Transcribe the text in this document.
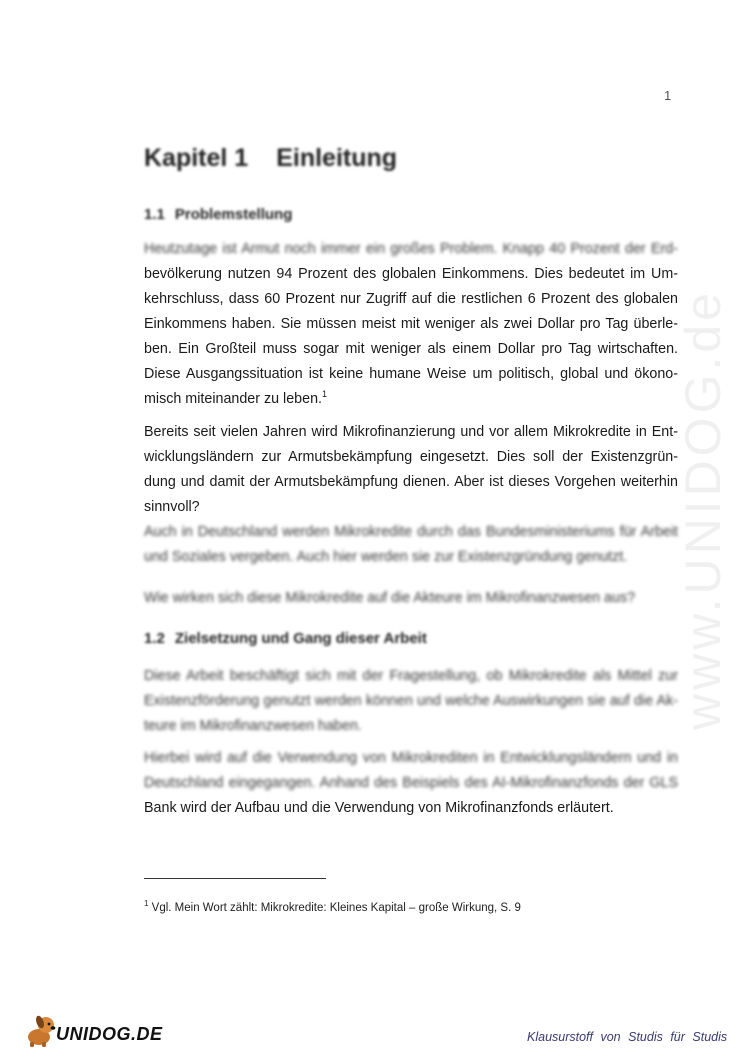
1
www.UNIDOG.de
Kapitel 1 Einleitung
1.1 Problemstellung
Heutzutage ist Armut noch immer ein großes Problem. Knapp 40 Prozent der Erd-
bevölkerung nutzen 94 Prozent des globalen Einkommens. Dies bedeutet im Um-
kehrschluss, dass 60 Prozent nur Zugriff auf die restlichen 6 Prozent des globalen
Einkommens haben. Sie müssen meist mit weniger als zwei Dollar pro Tag überle-
ben. Ein Großteil muss sogar mit weniger als einem Dollar pro Tag wirtschaften.
Diese Ausgangssituation ist keine humane Weise um politisch, global und ökono-
misch miteinander zu leben.$^1$
Bereits seit vielen Jahren wird Mikrofinanzierung und vor allem Mikrokredite in Ent-
wicklungsländern zur Armutsbekämpfung eingesetzt. Dies soll der Existenzgrün-
dung und damit der Armutsbekämpfung dienen. Aber ist dieses Vorgehen weiterhin
sinnvoll?
Auch in Deutschland werden Mikrokredite durch das Bundesministeriums für Arbeit
und Soziales vergeben. Auch hier werden sie zur Existenzgründung genutzt.
Wie wirken sich diese Mikrokredite auf die Akteure im Mikrofinanzwesen aus?
1.2 Zielsetzung und Gang dieser Arbeit
Diese Arbeit beschäftigt sich mit der Fragestellung, ob Mikrokredite als Mittel zur
Existenzförderung genutzt werden können und welche Auswirkungen sie auf die Ak-
teure im Mikrofinanzwesen haben.
Hierbei wird auf die Verwendung von Mikrokrediten in Entwicklungsländern und in
Deutschland eingegangen. Anhand des Beispiels des AI-Mikrofinanzfonds der GLS
Bank wird der Aufbau und die Verwendung von Mikrofinanzfonds erläutert.
$^1$ Vgl. Mein Wort zählt: Mikrokredite: Kleines Kapital – große Wirkung, S. 9
UNIDOG.DE	Klausurstoff von Studis für Studis
